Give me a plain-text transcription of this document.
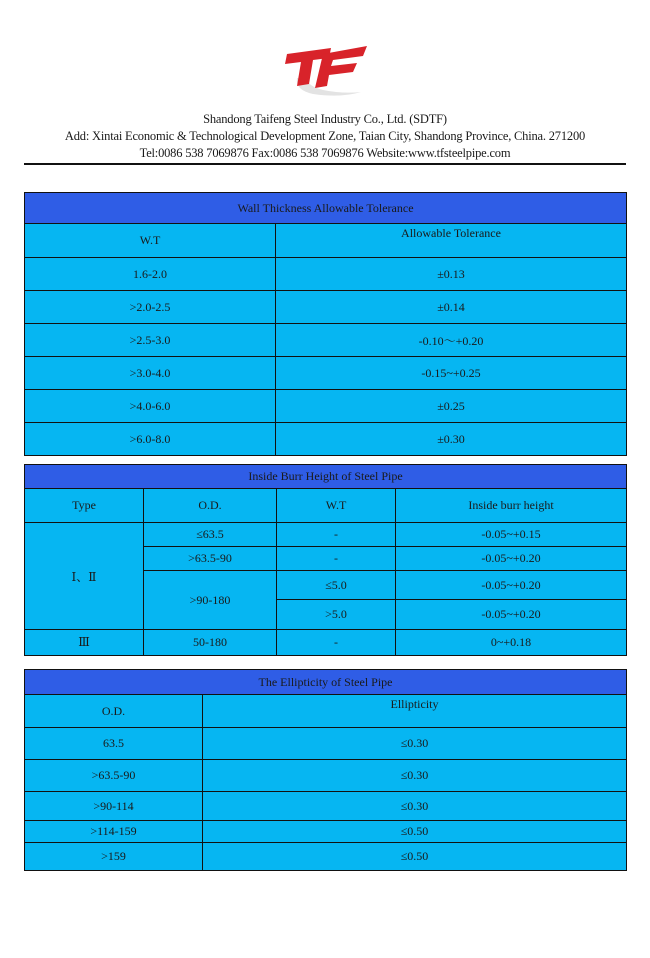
Shandong Taifeng Steel Industry Co., Ltd. (SDTF)
Add: Xintai Economic & Technological Development Zone, Taian City, Shandong Province, China. 271200
Tel:0086 538 7069876 Fax:0086 538 7069876 Website:www.tfsteelpipe.com
Wall Thickness Allowable Tolerance	
W.T	Allowable Tolerance
1.6-2.0	±0.13
>2.0-2.5	±0.14
>2.5-3.0	-0.10～+0.20
>3.0-4.0	-0.15~+0.25
>4.0-6.0	±0.25
>6.0-8.0	±0.30
Inside Burr Height of Steel Pipe			
Type	O.D.	W.T	Inside burr height
Ⅰ、Ⅱ	≤63.5	-	-0.05~+0.15
	>63.5-90	-	-0.05~+0.20
	>90-180	≤5.0	-0.05~+0.20
		>5.0	-0.05~+0.20
Ⅲ	50-180	-	0~+0.18
The Ellipticity of Steel Pipe	
O.D.	Ellipticity
63.5	≤0.30
>63.5-90	≤0.30
>90-114	≤0.30
>114-159	≤0.50
>159	≤0.50
